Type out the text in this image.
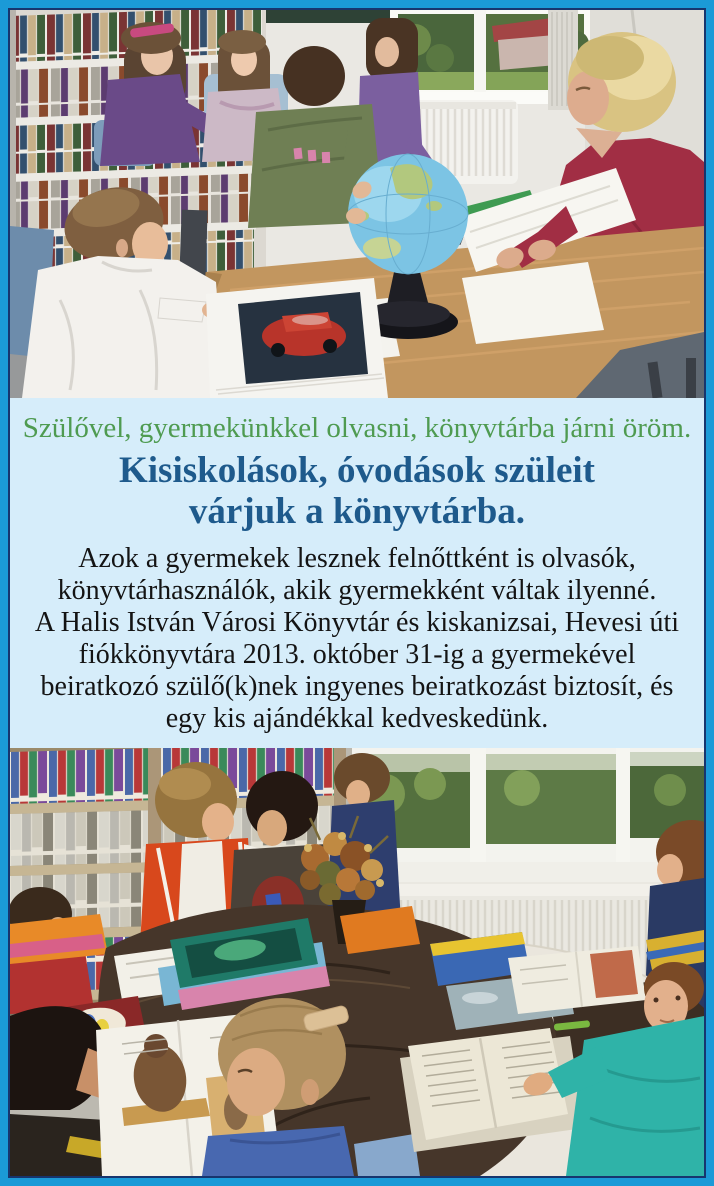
Szülővel, gyermekünkkel olvasni, könyvtárba járni öröm.
Kisiskolások, óvodások szüleit
várjuk a könyvtárba.
Azok a gyermekek lesznek felnőttként is olvasók,
könyvtárhasználók, akik gyermekként váltak ilyenné.
A Halis István Városi Könyvtár és kiskanizsai, Hevesi úti
fiókkönyvtára 2013. október 31-ig a gyermekével
beiratkozó szülő(k)nek ingyenes beiratkozást biztosít, és
egy kis ajándékkal kedveskedünk.
